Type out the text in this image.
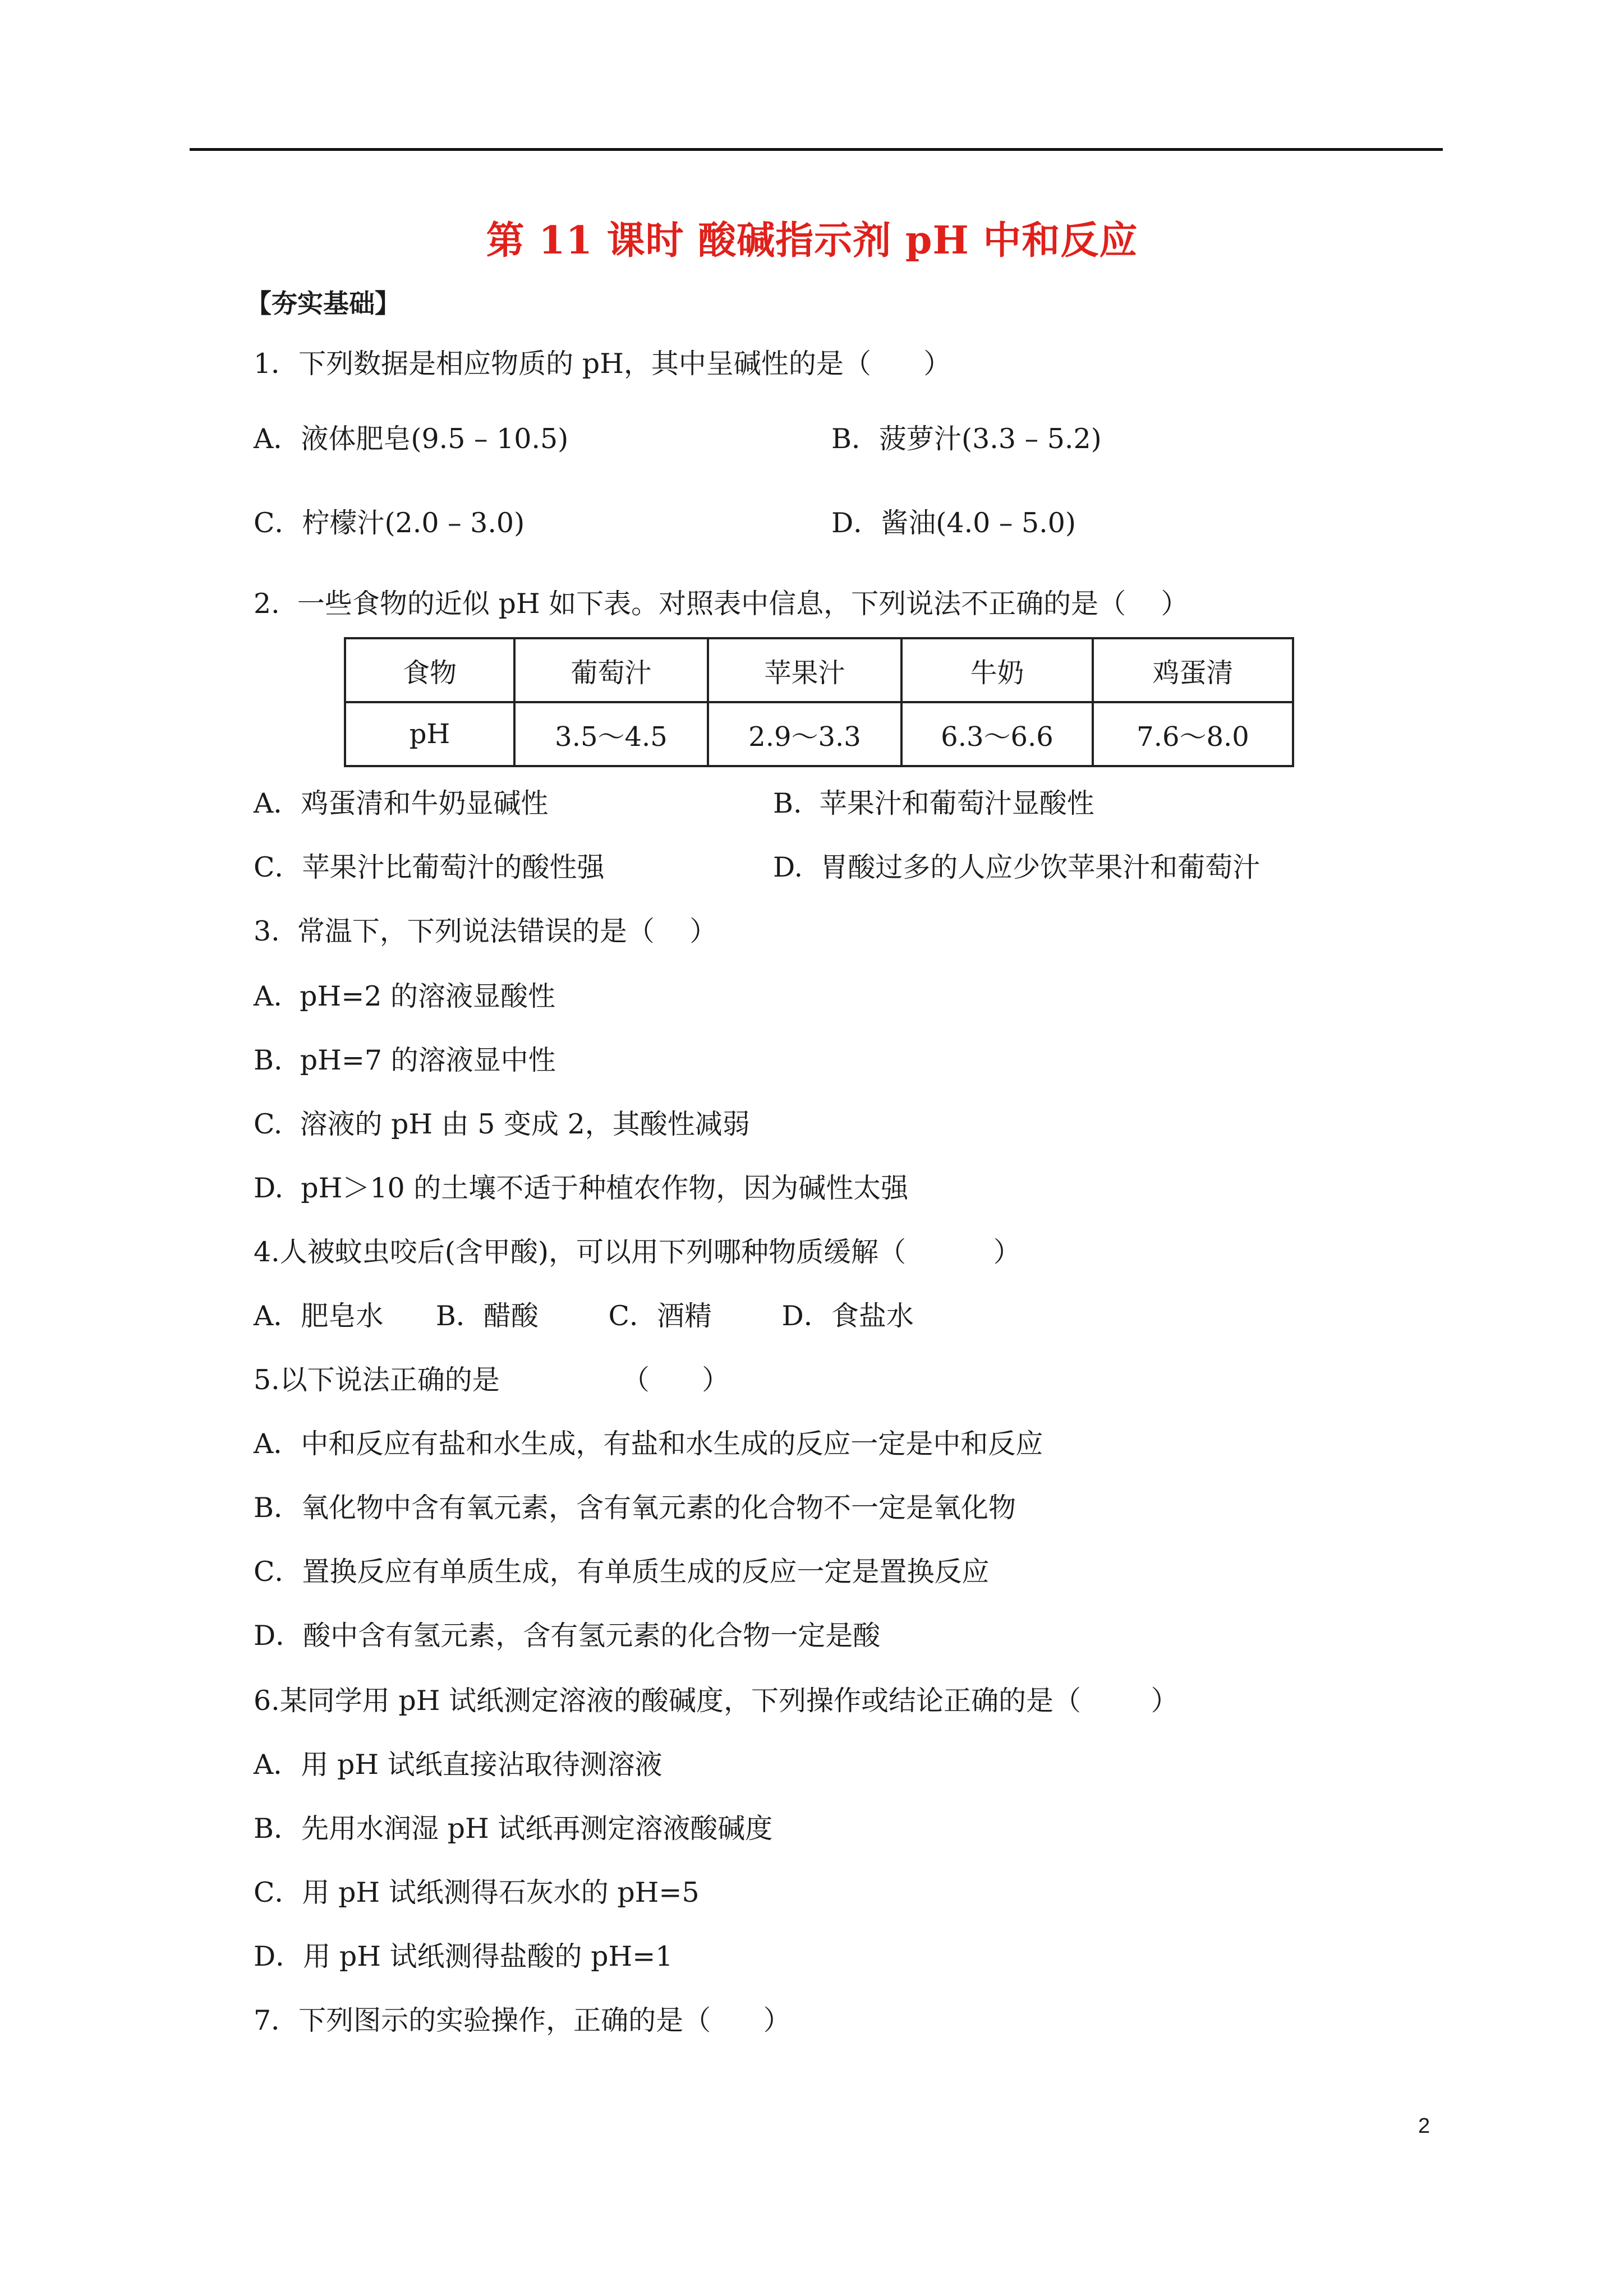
第 11 课时 酸碱指示剂 pH 中和反应
【夯实基础】
1．下列数据是相应物质的 pH，其中呈碱性的是（      ）
A．液体肥皂(9.5 – 10.5)	B．菠萝汁(3.3 – 5.2)
C．柠檬汁(2.0 – 3.0)	D．酱油(4.0 – 5.0)
2.  一些食物的近似 pH 如下表。对照表中信息，下列说法不正确的是（    ）
食物	葡萄汁	苹果汁	牛奶	鸡蛋清
pH	3.5～4.5	2.9～3.3	6.3～6.6	7.6～8.0
A．鸡蛋清和牛奶显碱性	B.  苹果汁和葡萄汁显酸性
C．苹果汁比葡萄汁的酸性强	D.  胃酸过多的人应少饮苹果汁和葡萄汁
3.  常温下，下列说法错误的是（    ）
A.  pH=2 的溶液显酸性
B.  pH=7 的溶液显中性
C.  溶液的 pH 由 5 变成 2，其酸性减弱
D.  pH＞10 的土壤不适于种植农作物，因为碱性太强
4.人被蚊虫咬后(含甲酸)，可以用下列哪种物质缓解（          ）
A．肥皂水      B．醋酸        C．酒精        D．食盐水
5.以下说法正确的是              （      ）
A．中和反应有盐和水生成，有盐和水生成的反应一定是中和反应
B．氧化物中含有氧元素，含有氧元素的化合物不一定是氧化物
C．置换反应有单质生成，有单质生成的反应一定是置换反应
D．酸中含有氢元素，含有氢元素的化合物一定是酸
6.某同学用 pH 试纸测定溶液的酸碱度，下列操作或结论正确的是（        ）
A．用 pH 试纸直接沾取待测溶液
B．先用水润湿 pH 试纸再测定溶液酸碱度
C．用 pH 试纸测得石灰水的 pH=5
D．用 pH 试纸测得盐酸的 pH=1
7．下列图示的实验操作，正确的是（      ）
2
